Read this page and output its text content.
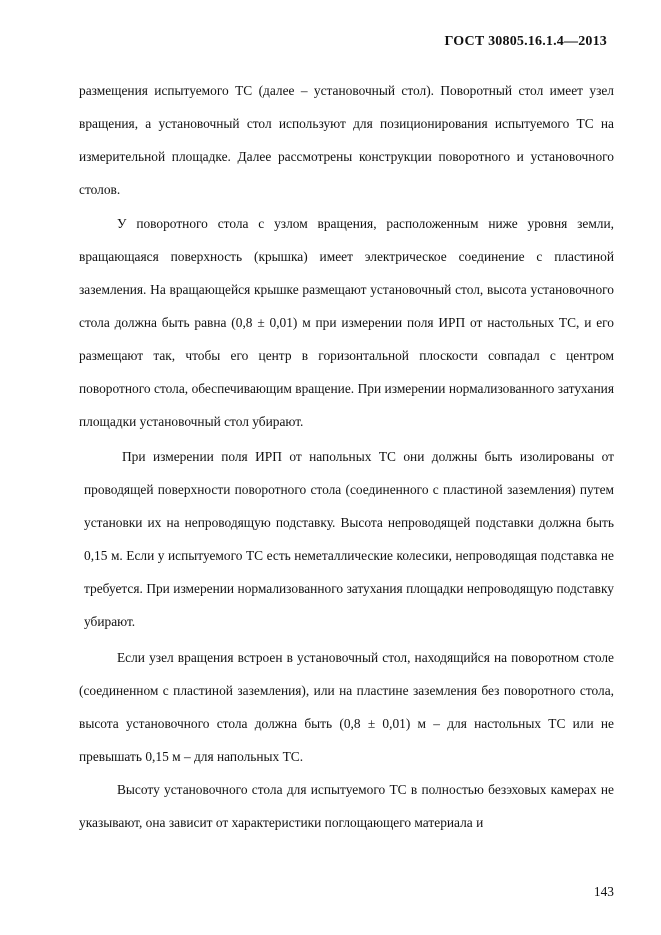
ГОСТ 30805.16.1.4—2013

размещения испытуемого ТС (далее – установочный стол). Поворотный стол имеет узел вращения, а установочный стол используют для позиционирования испытуемого ТС на измерительной площадке. Далее рассмотрены конструкции поворотного и установочного столов.

У поворотного стола с узлом вращения, расположенным ниже уровня земли, вращающаяся поверхность (крышка) имеет электрическое соединение с пластиной заземления. На вращающейся крышке размещают установочный стол, высота установочного стола должна быть равна (0,8 ± 0,01) м при измерении поля ИРП от настольных ТС, и его размещают так, чтобы его центр в горизонтальной плоскости совпадал с центром поворотного стола, обеспечивающим вращение. При измерении нормализованного затухания площадки установочный стол убирают.

При измерении поля ИРП от напольных ТС они должны быть изолированы от проводящей поверхности поворотного стола (соединенного с пластиной заземления) путем установки их на непроводящую подставку. Высота непроводящей подставки должна быть 0,15 м. Если у испытуемого ТС есть неметаллические колесики, непроводящая подставка не требуется. При измерении нормализованного затухания площадки непроводящую подставку убирают.

Если узел вращения встроен в установочный стол, находящийся на поворотном столе (соединенном с пластиной заземления), или на пластине заземления без поворотного стола, высота установочного стола должна быть (0,8 ± 0,01) м – для настольных ТС или не превышать 0,15 м – для напольных ТС.

Высоту установочного стола для испытуемого ТС в полностью безэховых камерах не указывают, она зависит от характеристики поглощающего материала и

143
